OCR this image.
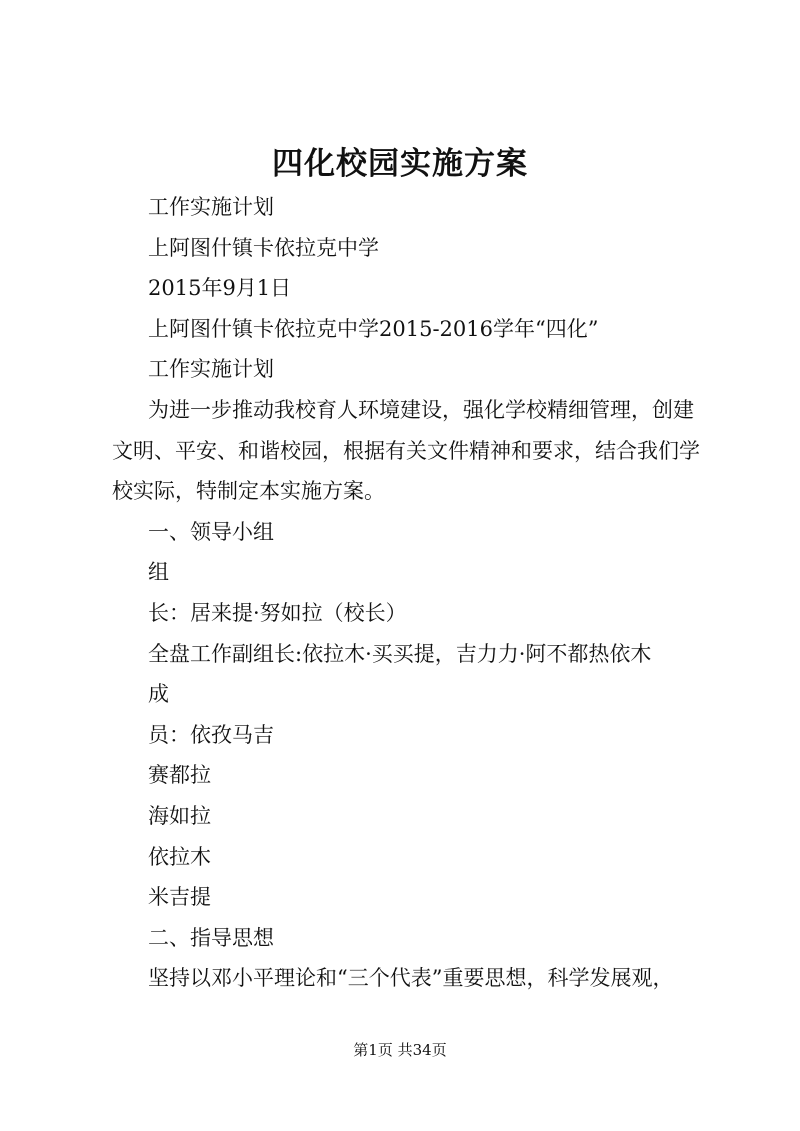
四化校园实施方案
工作实施计划
上阿图什镇卡依拉克中学
2015年9月1日
上阿图什镇卡依拉克中学2015-2016学年“四化”
工作实施计划
为进一步推动我校育人环境建设，强化学校精细管理，创建
文明、平安、和谐校园，根据有关文件精神和要求，结合我们学
校实际，特制定本实施方案。
一、领导小组
组
长：居来提·努如拉（校长）
全盘工作副组长:依拉木·买买提，吉力力·阿不都热依木
成
员：依孜马吉
赛都拉
海如拉
依拉木
米吉提
二、指导思想
坚持以邓小平理论和“三个代表”重要思想，科学发展观，
第1页 共34页
